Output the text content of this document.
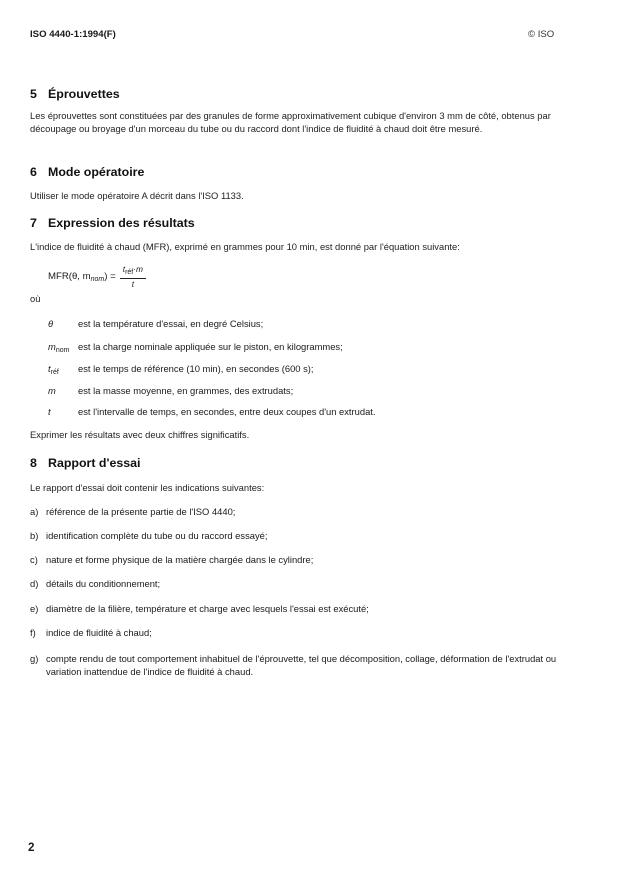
ISO 4440-1:1994(F)	© ISO
5 Éprouvettes
Les éprouvettes sont constituées par des granules de forme approximativement cubique d'environ 3 mm de côté, obtenus par découpage ou broyage d'un morceau du tube ou du raccord dont l'indice de fluidité à chaud doit être mesuré.
6 Mode opératoire
Utiliser le mode opératoire A décrit dans l'ISO 1133.
7 Expression des résultats
L'indice de fluidité à chaud (MFR), exprimé en grammes pour 10 min, est donné par l'équation suivante:
MFR(θ, $m_{nom}) = \frac{t_{réf}\cdot m}{t}$
où
θ	est la température d'essai, en degré Celsius;
$m_{nom}$ est la charge nominale appliquée sur le piston, en kilogrammes;
$t_{réf}$	est le temps de référence (10 min), en secondes (600 s);
m	est la masse moyenne, en grammes, des extrudats;
t	est l'intervalle de temps, en secondes, entre deux coupes d'un extrudat.
Exprimer les résultats avec deux chiffres significatifs.
8 Rapport d'essai
Le rapport d'essai doit contenir les indications suivantes:
a) référence de la présente partie de l'ISO 4440;
b) identification complète du tube ou du raccord essayé;
c) nature et forme physique de la matière chargée dans le cylindre;
d) détails du conditionnement;
e) diamètre de la filière, température et charge avec lesquels l'essai est exécuté;
f)	indice de fluidité à chaud;
g) compte rendu de tout comportement inhabituel de l'éprouvette, tel que décomposition, collage, déformation de l'extrudat ou variation inattendue de l'indice de fluidité à chaud.
2
